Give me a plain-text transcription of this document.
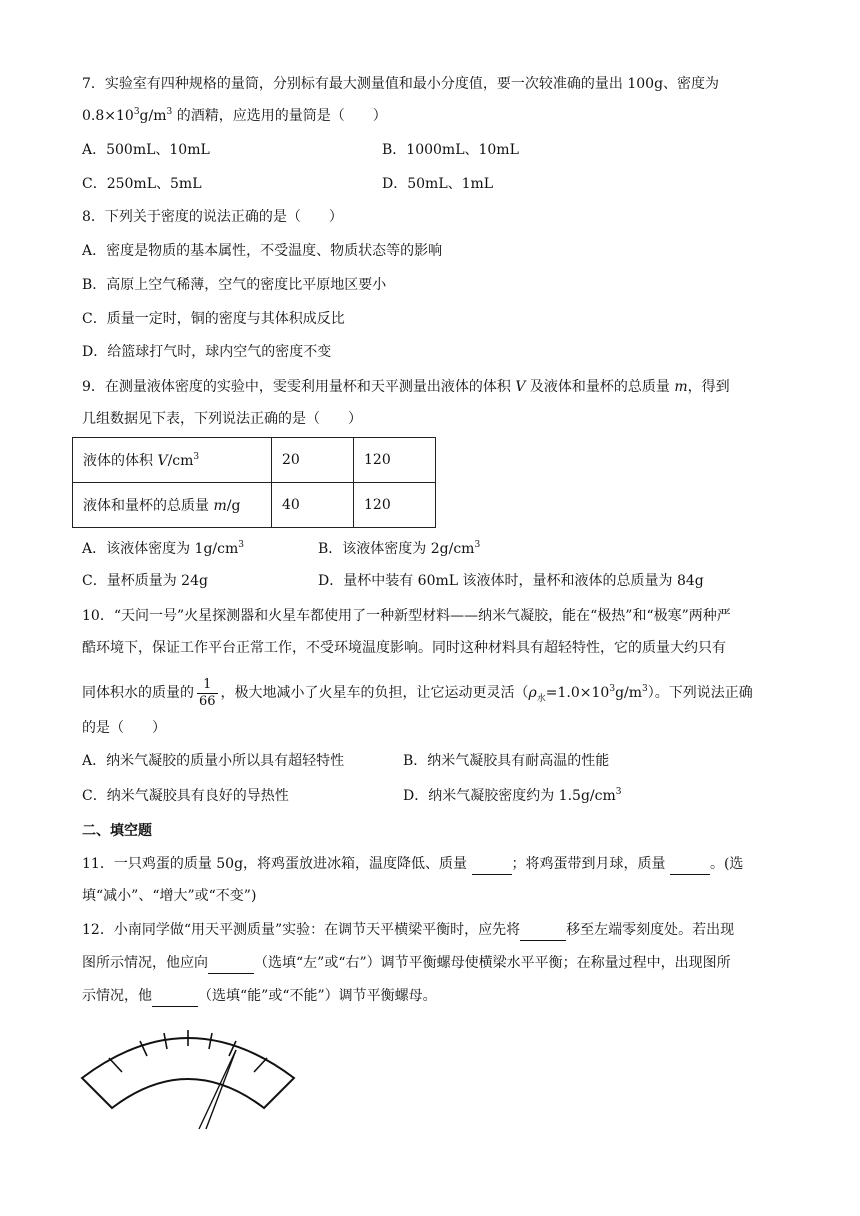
7．实验室有四种规格的量筒，分别标有最大测量值和最小分度值，要一次较准确的量出 100g、密度为
$0.8\times 10^3g/m^3$ 的酒精，应选用的量筒是（　　）
A．500mL、10mL	B．1000mL、10mL
C．250mL、5mL	D．50mL、1mL
8．下列关于密度的说法正确的是（　　）
A．密度是物质的基本属性，不受温度、物质状态等的影响
B．高原上空气稀薄，空气的密度比平原地区要小
C．质量一定时，铜的密度与其体积成反比
D．给篮球打气时，球内空气的密度不变
9．在测量液体密度的实验中，雯雯利用量杯和天平测量出液体的体积 V 及液体和量杯的总质量 m，得到
几组数据见下表，下列说法正确的是（　　）
液体的体积 $V/cm^3$	20	120
液体和量杯的总质量 m/g	40	120
A．该液体密度为 $1g/cm^3$	B．该液体密度为 $2g/cm^3$
C．量杯质量为 24g	D．量杯中装有 60mL 该液体时，量杯和液体的总质量为 84g
10．“天问一号”火星探测器和火星车都使用了一种新型材料——纳米气凝胶，能在“极热”和“极寒”两种严
酷环境下，保证工作平台正常工作，不受环境温度影响。同时这种材料具有超轻特性，它的质量大约只有
同体积水的质量的 $\frac{1}{66}$ ，极大地减小了火星车的负担，让它运动更灵活$(\rho_水=1.0\times 10^3g/m^3)$。下列说法正确
的是（　　）
A．纳米气凝胶的质量小所以具有超轻特性	B．纳米气凝胶具有耐高温的性能
C．纳米气凝胶具有良好的导热性	D．纳米气凝胶密度约为 $1.5g/cm^3$
二、填空题
11．一只鸡蛋的质量 50g，将鸡蛋放进冰箱，温度降低、质量	；将鸡蛋带到月球，质量	。(选
填“减小”、“增大”或“不变”)
12．小南同学做“用天平测质量”实验：在调节天平横梁平衡时，应先将	移至左端零刻度处。若出现
图所示情况，他应向	（选填“左”或“右”）调节平衡螺母使横梁水平平衡；在称量过程中，出现图所
示情况，他	（选填“能”或“不能”）调节平衡螺母。
